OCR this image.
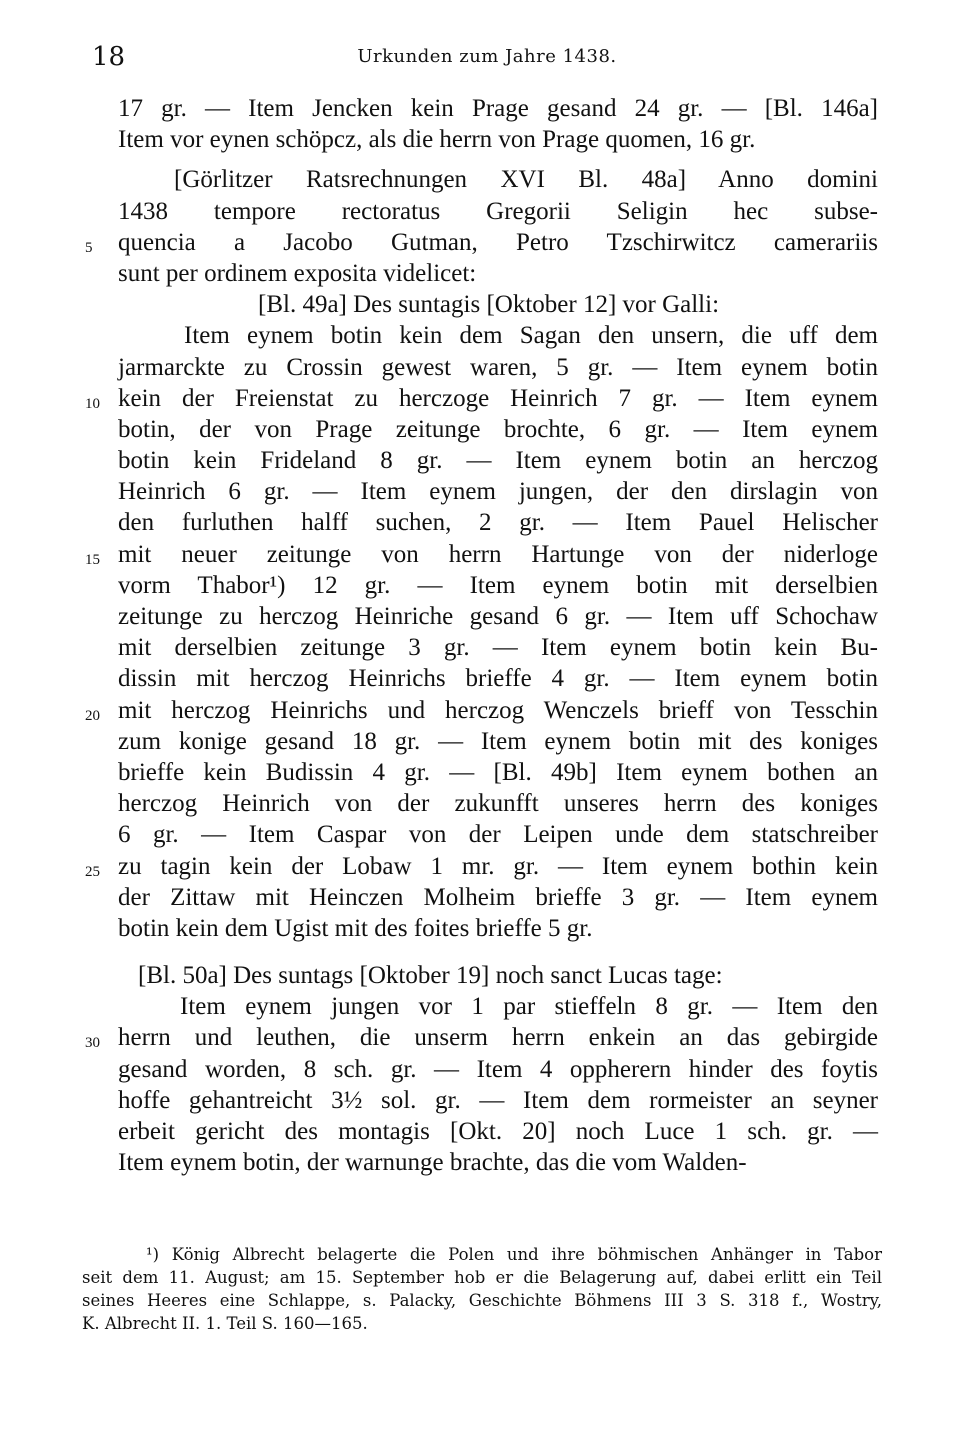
18	Urkunden zum Jahre 1438.
17 gr. — Item Jencken kein Prage gesand 24 gr. — [Bl. 146a]
Item vor eynen schöpcz, als die herrn von Prage quomen, 16 gr.
[Görlitzer Ratsrechnungen XVI Bl. 48a] Anno domini
1438 tempore rectoratus Gregorii Seligin hec subse-
quencia a Jacobo Gutman, Petro Tzschirwitcz camerariis
5
sunt per ordinem exposita videlicet:
[Bl. 49a] Des suntagis [Oktober 12] vor Galli:
Item eynem botin kein dem Sagan den unsern, die uff dem
jarmarckte zu Crossin gewest waren, 5 gr. — Item eynem botin
kein der Freienstat zu herczoge Heinrich 7 gr. — Item eynem
10
botin, der von Prage zeitunge brochte, 6 gr. — Item eynem
botin kein Frideland 8 gr. — Item eynem botin an herczog
Heinrich 6 gr. — Item eynem jungen, der den dirslagin von
den furluthen halff suchen, 2 gr. — Item Pauel Helischer
mit neuer zeitunge von herrn Hartunge von der niderloge
15
vorm Thabor¹) 12 gr. — Item eynem botin mit derselbien
zeitunge zu herczog Heinriche gesand 6 gr. — Item uff Schochaw
mit derselbien zeitunge 3 gr. — Item eynem botin kein Bu-
dissin mit herczog Heinrichs brieffe 4 gr. — Item eynem botin
mit herczog Heinrichs und herczog Wenczels brieff von Tesschin
20
zum konige gesand 18 gr. — Item eynem botin mit des koniges
brieffe kein Budissin 4 gr. — [Bl. 49b] Item eynem bothen an
herczog Heinrich von der zukunfft unseres herrn des koniges
6 gr. — Item Caspar von der Leipen unde dem statschreiber
zu tagin kein der Lobaw 1 mr. gr. — Item eynem bothin kein
25
der Zittaw mit Heinczen Molheim brieffe 3 gr. — Item eynem
botin kein dem Ugist mit des foites brieffe 5 gr.
[Bl. 50a] Des suntags [Oktober 19] noch sanct Lucas tage:
Item eynem jungen vor 1 par stieffeln 8 gr. — Item den
herrn und leuthen, die unserm herrn enkein an das gebirgide
30
gesand worden, 8 sch. gr. — Item 4 oppherern hinder des foytis
hoffe gehantreicht 3½ sol. gr. — Item dem rormeister an seyner
erbeit gericht des montagis [Okt. 20] noch Luce 1 sch. gr. —
Item eynem botin, der warnunge brachte, das die vom Walden-
¹) König Albrecht belagerte die Polen und ihre böhmischen Anhänger in Tabor
seit dem 11. August; am 15. September hob er die Belagerung auf, dabei erlitt ein Teil
seines Heeres eine Schlappe, s. Palacky, Geschichte Böhmens III 3 S. 318 f., Wostry,
K. Albrecht II. 1. Teil S. 160—165.
